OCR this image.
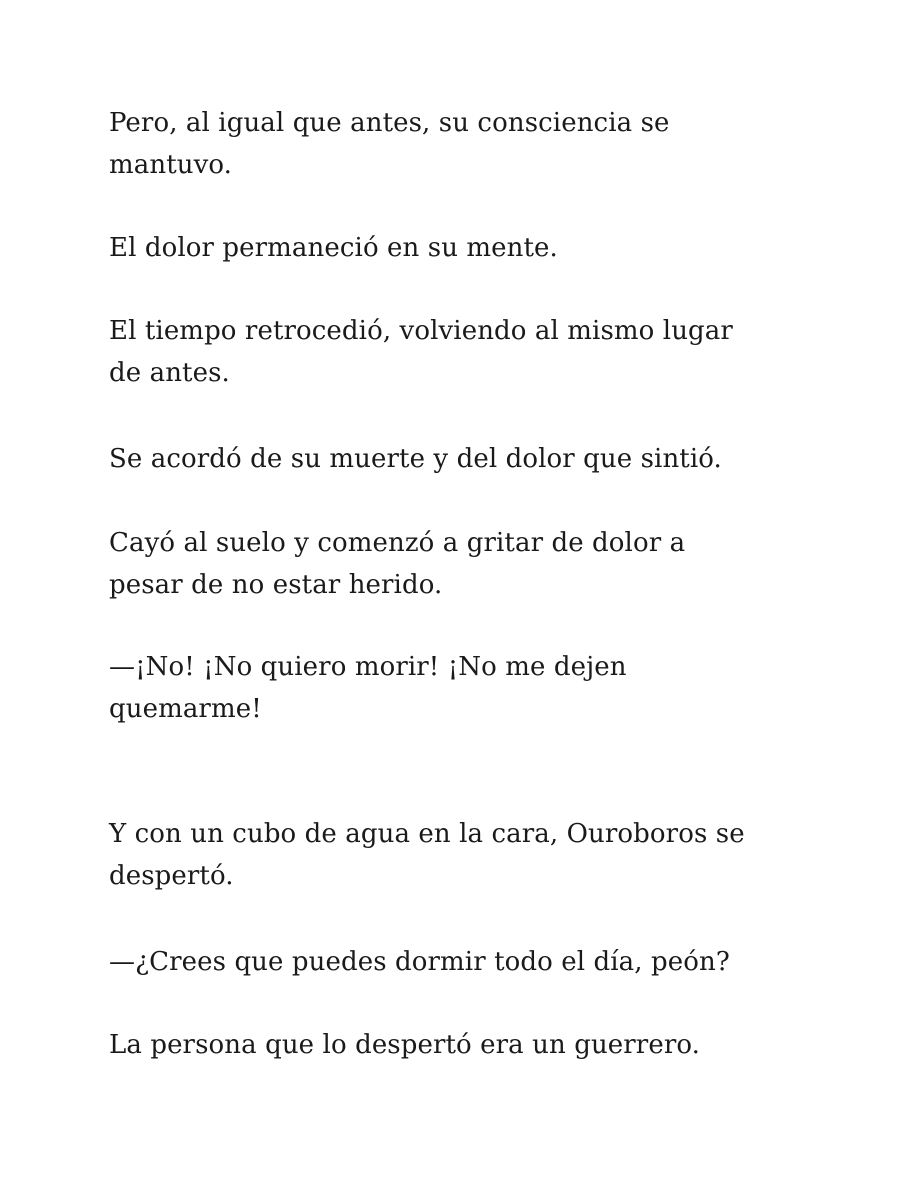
Pero, al igual que antes, su consciencia se
mantuvo.

El dolor permaneció en su mente.

El tiempo retrocedió, volviendo al mismo lugar
de antes.

Se acordó de su muerte y del dolor que sintió.

Cayó al suelo y comenzó a gritar de dolor a
pesar de no estar herido.

—¡No! ¡No quiero morir! ¡No me dejen
quemarme!

Y con un cubo de agua en la cara, Ouroboros se
despertó.

—¿Crees que puedes dormir todo el día, peón?

La persona que lo despertó era un guerrero.
